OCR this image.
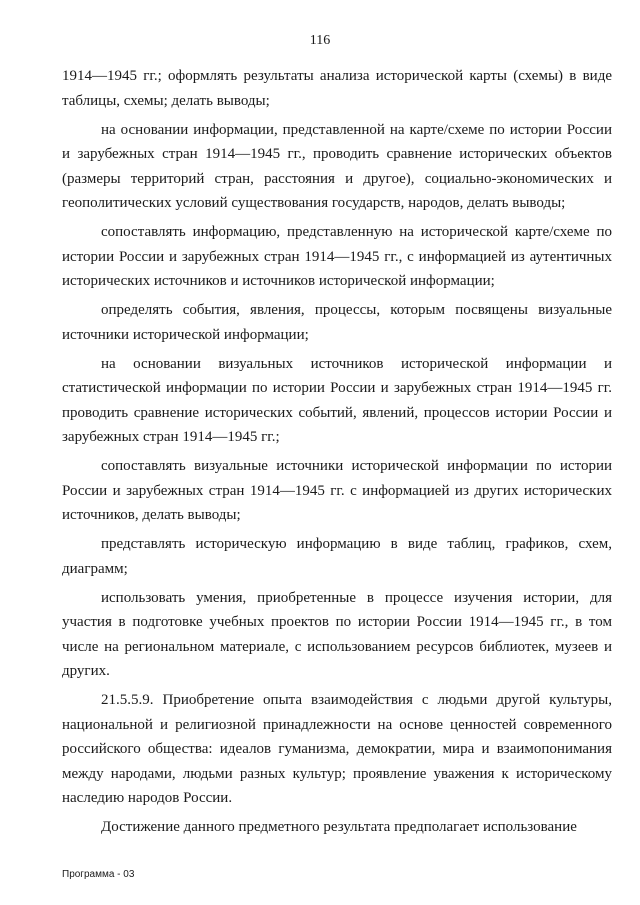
116

1914—1945 гг.; оформлять результаты анализа исторической карты (схемы) в виде таблицы, схемы; делать выводы;

на основании информации, представленной на карте/схеме по истории России и зарубежных стран 1914—1945 гг., проводить сравнение исторических объектов (размеры территорий стран, расстояния и другое), социально-экономических и геополитических условий существования государств, народов, делать выводы;

сопоставлять информацию, представленную на исторической карте/схеме по истории России и зарубежных стран 1914—1945 гг., с информацией из аутентичных исторических источников и источников исторической информации;

определять события, явления, процессы, которым посвящены визуальные источники исторической информации;

на основании визуальных источников исторической информации и статистической информации по истории России и зарубежных стран 1914—1945 гг. проводить сравнение исторических событий, явлений, процессов истории России и зарубежных стран 1914—1945 гг.;

сопоставлять визуальные источники исторической информации по истории России и зарубежных стран 1914—1945 гг. с информацией из других исторических источников, делать выводы;

представлять историческую информацию в виде таблиц, графиков, схем, диаграмм;

использовать умения, приобретенные в процессе изучения истории, для участия в подготовке учебных проектов по истории России 1914—1945 гг., в том числе на региональном материале, с использованием ресурсов библиотек, музеев и других.

21.5.5.9. Приобретение опыта взаимодействия с людьми другой культуры, национальной и религиозной принадлежности на основе ценностей современного российского общества: идеалов гуманизма, демократии, мира и взаимопонимания между народами, людьми разных культур; проявление уважения к историческому наследию народов России.

Достижение данного предметного результата предполагает использование

Программа - 03
